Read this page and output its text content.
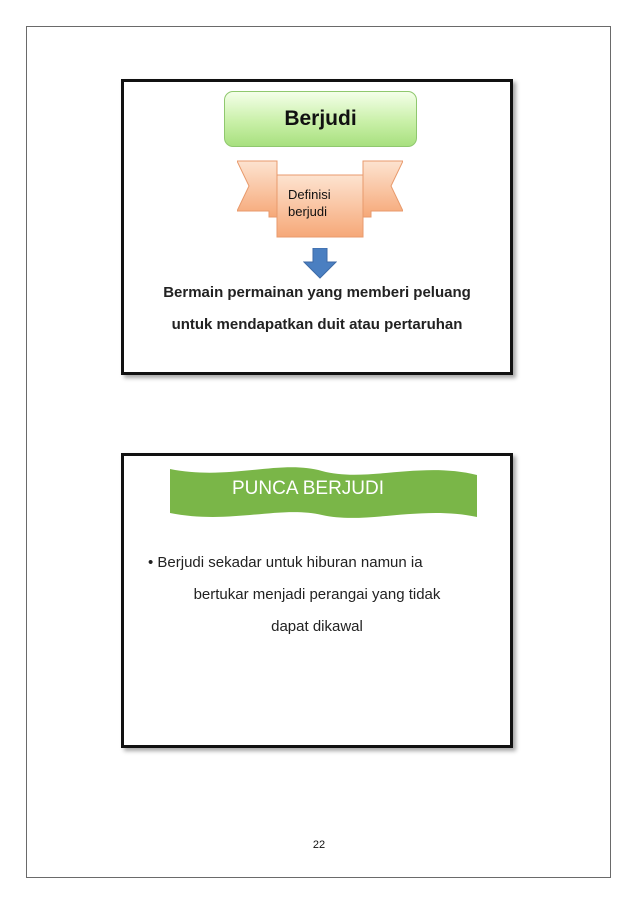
Berjudi
Definisi
berjudi
Bermain permainan yang memberi peluang
untuk mendapatkan duit atau pertaruhan
PUNCA BERJUDI
• Berjudi sekadar untuk hiburan namun ia
bertukar menjadi perangai yang tidak
dapat dikawal
22
